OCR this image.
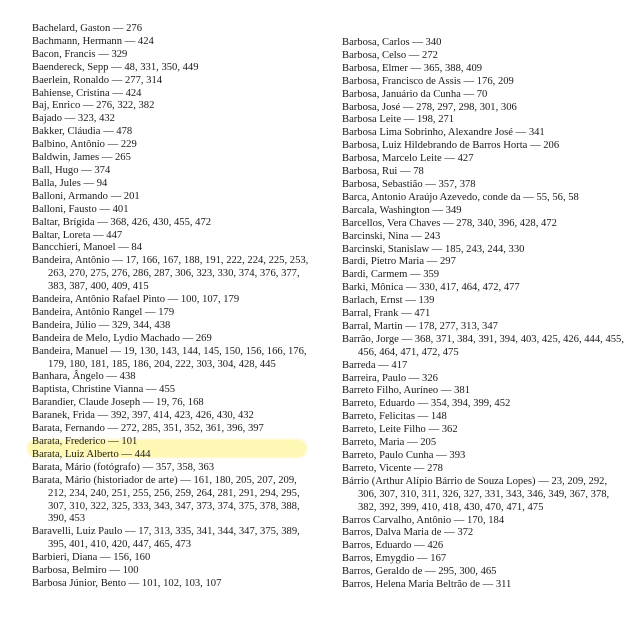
Bachelard, Gaston — 276
Bachmann, Hermann — 424
Bacon, Francis — 329
Baendereck, Sepp — 48, 331, 350, 449
Baerlein, Ronaldo — 277, 314
Bahiense, Cristina — 424
Baj, Enrico — 276, 322, 382
Bajado — 323, 432
Bakker, Cláudia — 478
Balbino, Antônio — 229
Baldwin, James — 265
Ball, Hugo — 374
Balla, Jules — 94
Balloni, Armando — 201
Balloni, Fausto — 401
Baltar, Brígida — 368, 426, 430, 455, 472
Baltar, Loreta — 447
Bancchieri, Manoel — 84
Bandeira, Antônio — 17, 166, 167, 188, 191, 222, 224, 225, 253, 263, 270, 275, 276, 286, 287, 306, 323, 330, 374, 376, 377, 383, 387, 400, 409, 415
Bandeira, Antônio Rafael Pinto — 100, 107, 179
Bandeira, Antônio Rangel — 179
Bandeira, Júlio — 329, 344, 438
Bandeira de Melo, Lydio Machado — 269
Bandeira, Manuel — 19, 130, 143, 144, 145, 150, 156, 166, 176, 179, 180, 181, 185, 186, 204, 222, 303, 304, 428, 445
Banhara, Ângelo — 438
Baptista, Christine Vianna — 455
Barandier, Claude Joseph — 19, 76, 168
Baranek, Frida — 392, 397, 414, 423, 426, 430, 432
Barata, Fernando — 272, 285, 351, 352, 361, 396, 397
Barata, Frederico — 101
Barata, Luiz Alberto — 444
Barata, Mário (fotógrafo) — 357, 358, 363
Barata, Mário (historiador de arte) — 161, 180, 205, 207, 209, 212, 234, 240, 251, 255, 256, 259, 264, 281, 291, 294, 295, 307, 310, 322, 325, 333, 343, 347, 373, 374, 375, 378, 388, 390, 453
Baravelli, Luiz Paulo — 17, 313, 335, 341, 344, 347, 375, 389, 395, 401, 410, 420, 447, 465, 473
Barbieri, Diana — 156, 160
Barbosa, Belmiro — 100
Barbosa Júnior, Bento — 101, 102, 103, 107
Barbosa, Carlos — 340
Barbosa, Celso — 272
Barbosa, Elmer — 365, 388, 409
Barbosa, Francisco de Assis — 176, 209
Barbosa, Januário da Cunha — 70
Barbosa, José — 278, 297, 298, 301, 306
Barbosa Leite — 198, 271
Barbosa Lima Sobrinho, Alexandre José — 341
Barbosa, Luiz Hildebrando de Barros Horta — 206
Barbosa, Marcelo Leite — 427
Barbosa, Rui — 78
Barbosa, Sebastião — 357, 378
Barca, Antonio Araújo Azevedo, conde da — 55, 56, 58
Barcala, Washington — 349
Barcellos, Vera Chaves — 278, 340, 396, 428, 472
Barcinski, Nina — 243
Barcinski, Stanislaw — 185, 243, 244, 330
Bardi, Pietro Maria — 297
Bardi, Carmem — 359
Barki, Mônica — 330, 417, 464, 472, 477
Barlach, Ernst — 139
Barral, Frank — 471
Barral, Martin — 178, 277, 313, 347
Barrão, Jorge — 368, 371, 384, 391, 394, 403, 425, 426, 444, 455, 456, 464, 471, 472, 475
Barreda — 417
Barreira, Paulo — 326
Barreto Filho, Auríneo — 381
Barreto, Eduardo — 354, 394, 399, 452
Barreto, Felicitas — 148
Barreto, Leite Filho — 362
Barreto, Maria — 205
Barreto, Paulo Cunha — 393
Barreto, Vicente — 278
Bárrio (Arthur Alípio Bárrio de Souza Lopes) — 23, 209, 292, 306, 307, 310, 311, 326, 327, 331, 343, 346, 349, 367, 378, 382, 392, 399, 410, 418, 430, 470, 471, 475
Barros Carvalho, Antônio — 170, 184
Barros, Dalva Maria de — 372
Barros, Eduardo — 426
Barros, Emygdio — 167
Barros, Geraldo de — 295, 300, 465
Barros, Helena Maria Beltrão de — 311
